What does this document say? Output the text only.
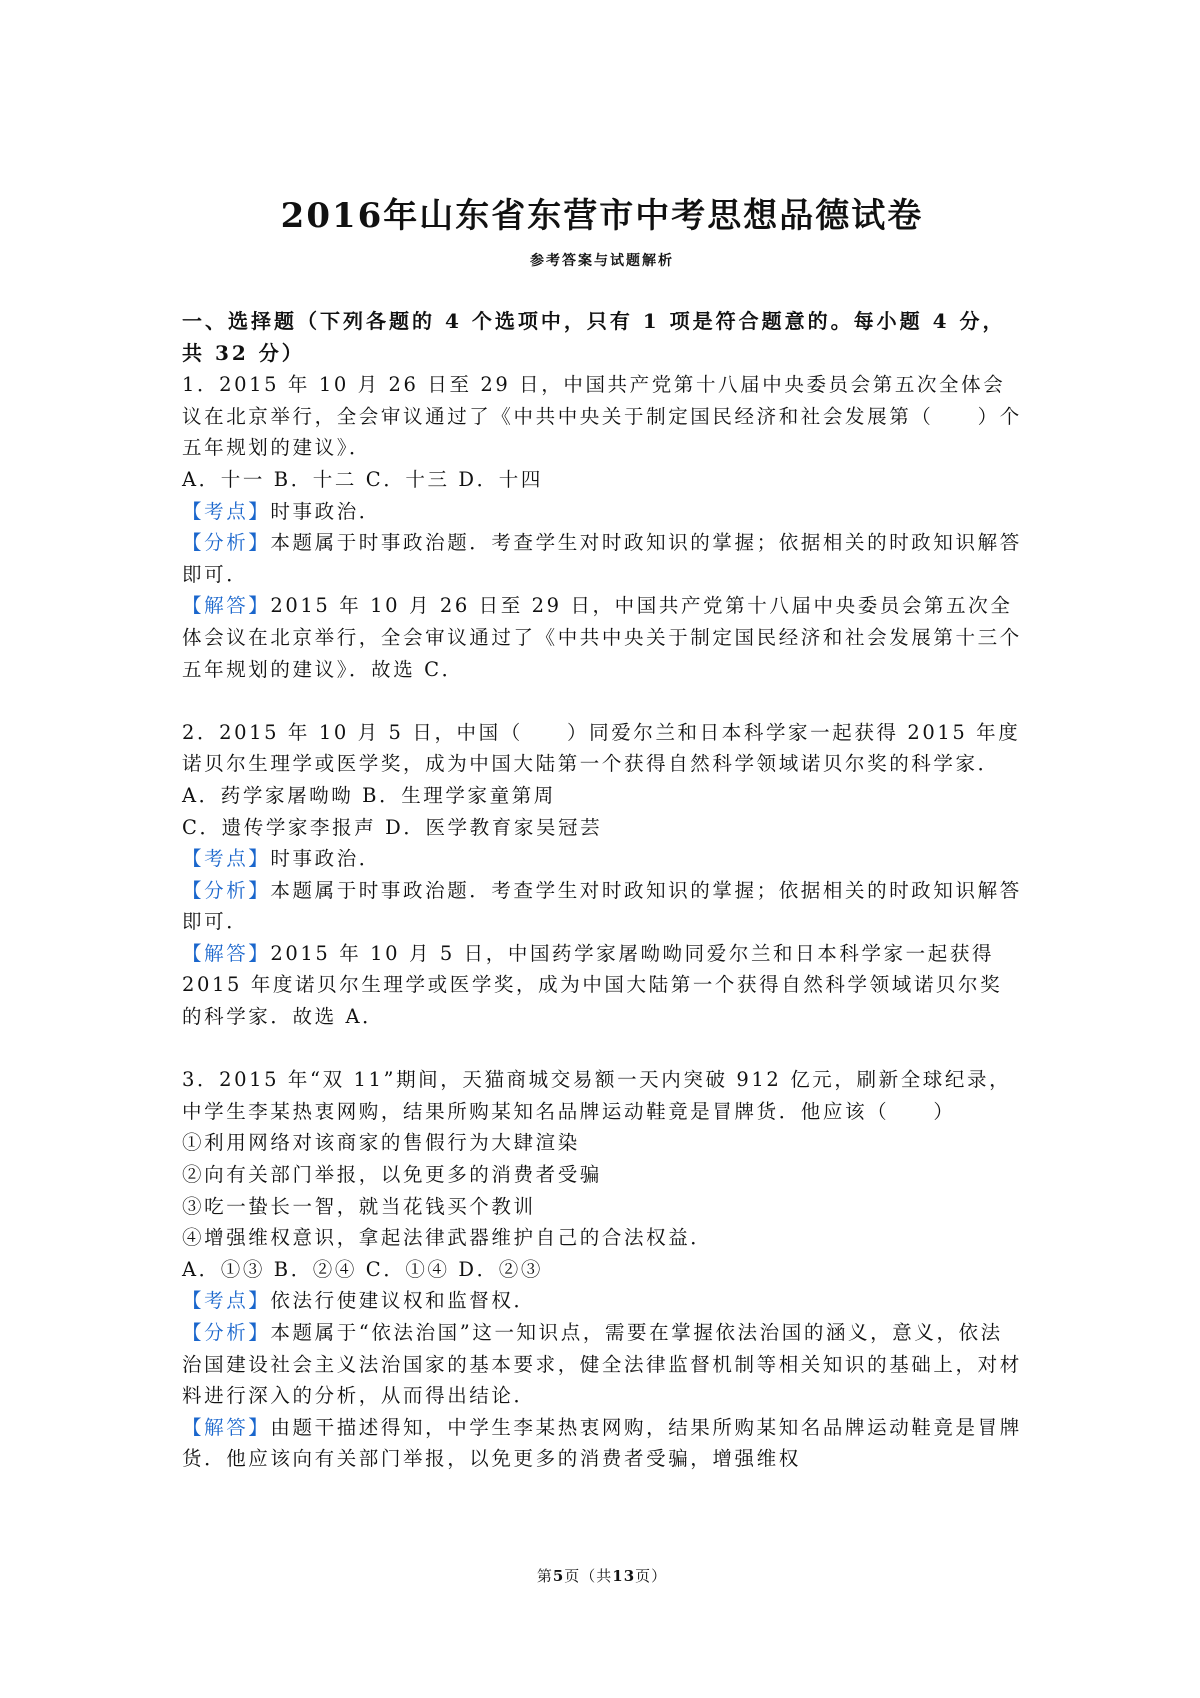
2016年山东省东营市中考思想品德试卷
参考答案与试题解析
一、选择题（下列各题的 4 个选项中，只有 1 项是符合题意的。每小题 4 分，共 32 分）
1．2015 年 10 月 26 日至 29 日，中国共产党第十八届中央委员会第五次全体会议在北京举行，全会审议通过了《中共中央关于制定国民经济和社会发展第（　　）个五年规划的建议》．
A．十一 B．十二 C．十三 D．十四
【考点】时事政治．
【分析】本题属于时事政治题．考查学生对时政知识的掌握；依据相关的时政知识解答即可．
【解答】2015 年 10 月 26 日至 29 日，中国共产党第十八届中央委员会第五次全体会议在北京举行，全会审议通过了《中共中央关于制定国民经济和社会发展第十三个五年规划的建议》．故选 C．
2．2015 年 10 月 5 日，中国（　　）同爱尔兰和日本科学家一起获得 2015 年度诺贝尔生理学或医学奖，成为中国大陆第一个获得自然科学领域诺贝尔奖的科学家．
A．药学家屠呦呦 B．生理学家童第周
C．遗传学家李报声 D．医学教育家吴冠芸
【考点】时事政治．
【分析】本题属于时事政治题．考查学生对时政知识的掌握；依据相关的时政知识解答即可．
【解答】2015 年 10 月 5 日，中国药学家屠呦呦同爱尔兰和日本科学家一起获得 2015 年度诺贝尔生理学或医学奖，成为中国大陆第一个获得自然科学领域诺贝尔奖的科学家．故选 A．
3．2015 年“双 11”期间，天猫商城交易额一天内突破 912 亿元，刷新全球纪录，中学生李某热衷网购，结果所购某知名品牌运动鞋竟是冒牌货．他应该（　　）
①利用网络对该商家的售假行为大肆渲染
②向有关部门举报，以免更多的消费者受骗
③吃一蛰长一智，就当花钱买个教训
④增强维权意识，拿起法律武器维护自己的合法权益．
A．①③ B．②④ C．①④ D．②③
【考点】依法行使建议权和监督权．
【分析】本题属于“依法治国”这一知识点，需要在掌握依法治国的涵义，意义，依法治国建设社会主义法治国家的基本要求，健全法律监督机制等相关知识的基础上，对材料进行深入的分析，从而得出结论．
【解答】由题干描述得知，中学生李某热衷网购，结果所购某知名品牌运动鞋竟是冒牌货．他应该向有关部门举报，以免更多的消费者受骗，增强维权
第5页（共13页）
